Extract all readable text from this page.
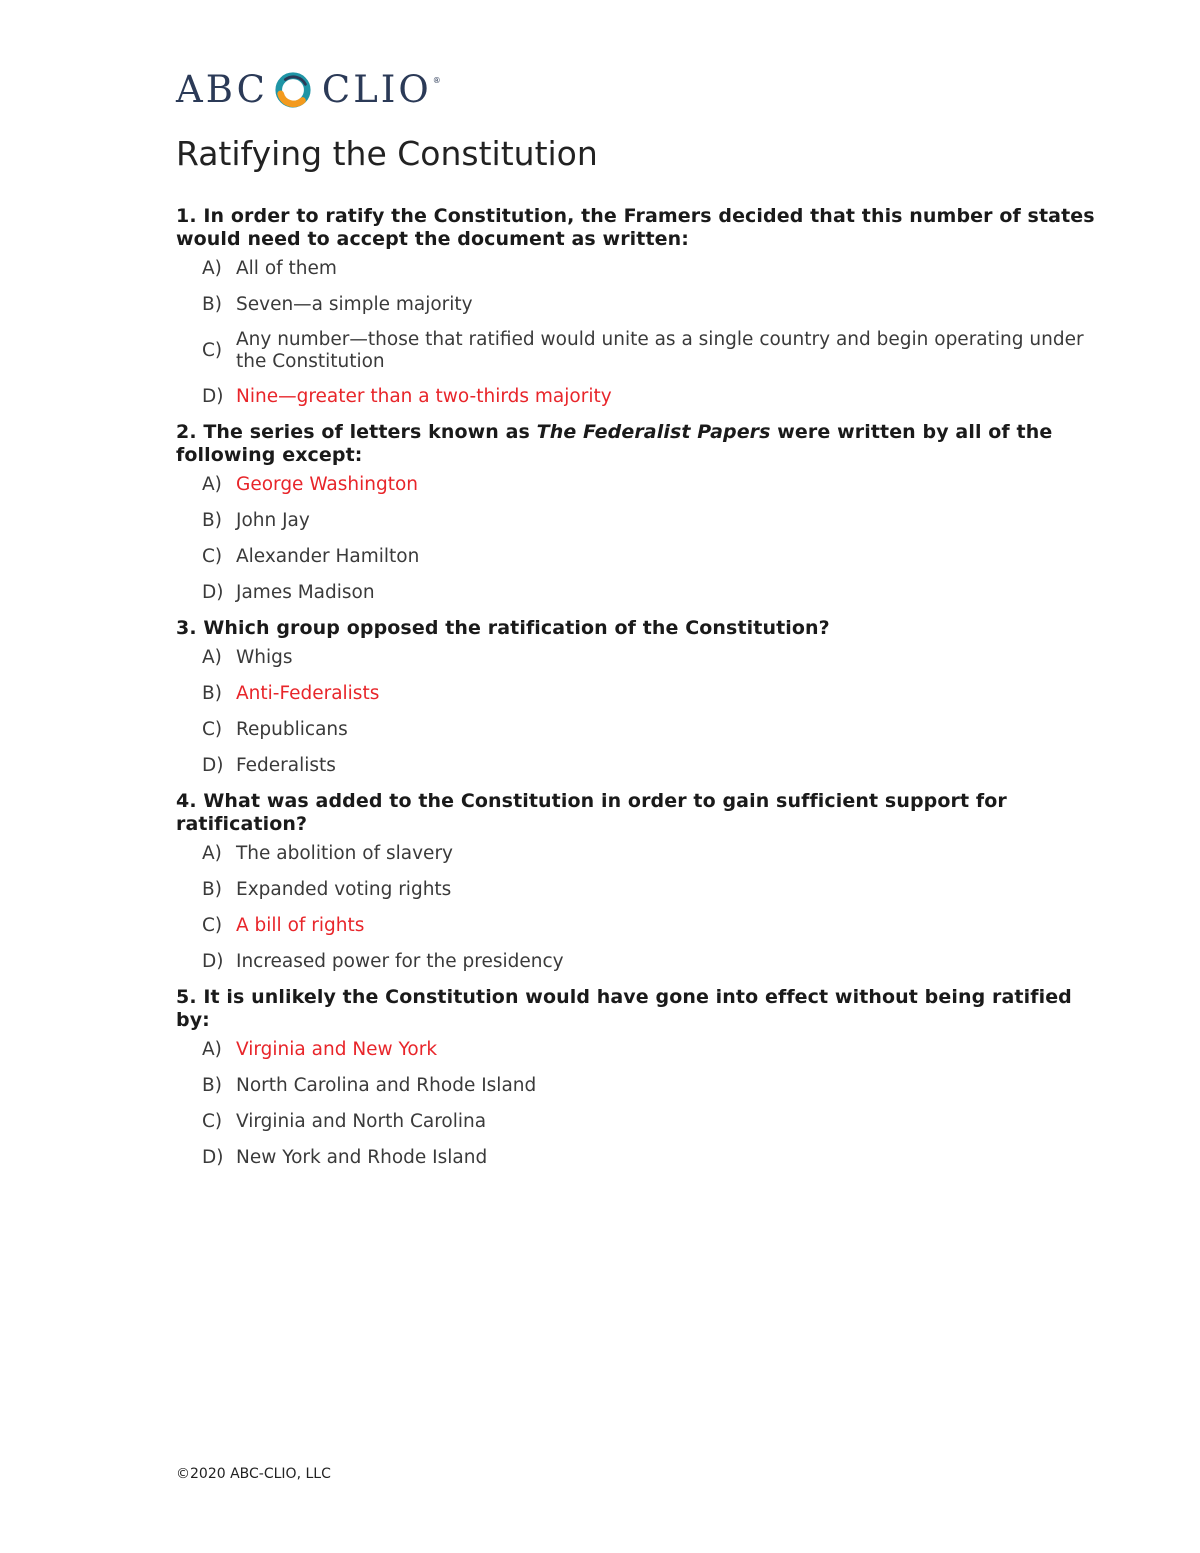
ABC CLIO ®
Ratifying the Constitution

1. In order to ratify the Constitution, the Framers decided that this number of states would need to accept the document as written:

A) All of them
B) Seven—a simple majority
C)
Any number—those that ratified would unite as a single country and begin operating under the Constitution
D) Nine—greater than a two-thirds majority

2. The series of letters known as The Federalist Papers were written by all of the following except:

A) George Washington
B) John Jay
C) Alexander Hamilton
D) James Madison

3. Which group opposed the ratification of the Constitution?

A) Whigs
B) Anti-Federalists
C) Republicans
D) Federalists

4. What was added to the Constitution in order to gain sufficient support for ratification?

A) The abolition of slavery
B) Expanded voting rights
C) A bill of rights
D) Increased power for the presidency

5. It is unlikely the Constitution would have gone into effect without being ratified by:

A) Virginia and New York
B) North Carolina and Rhode Island
C) Virginia and North Carolina
D) New York and Rhode Island
©2020 ABC-CLIO, LLC
